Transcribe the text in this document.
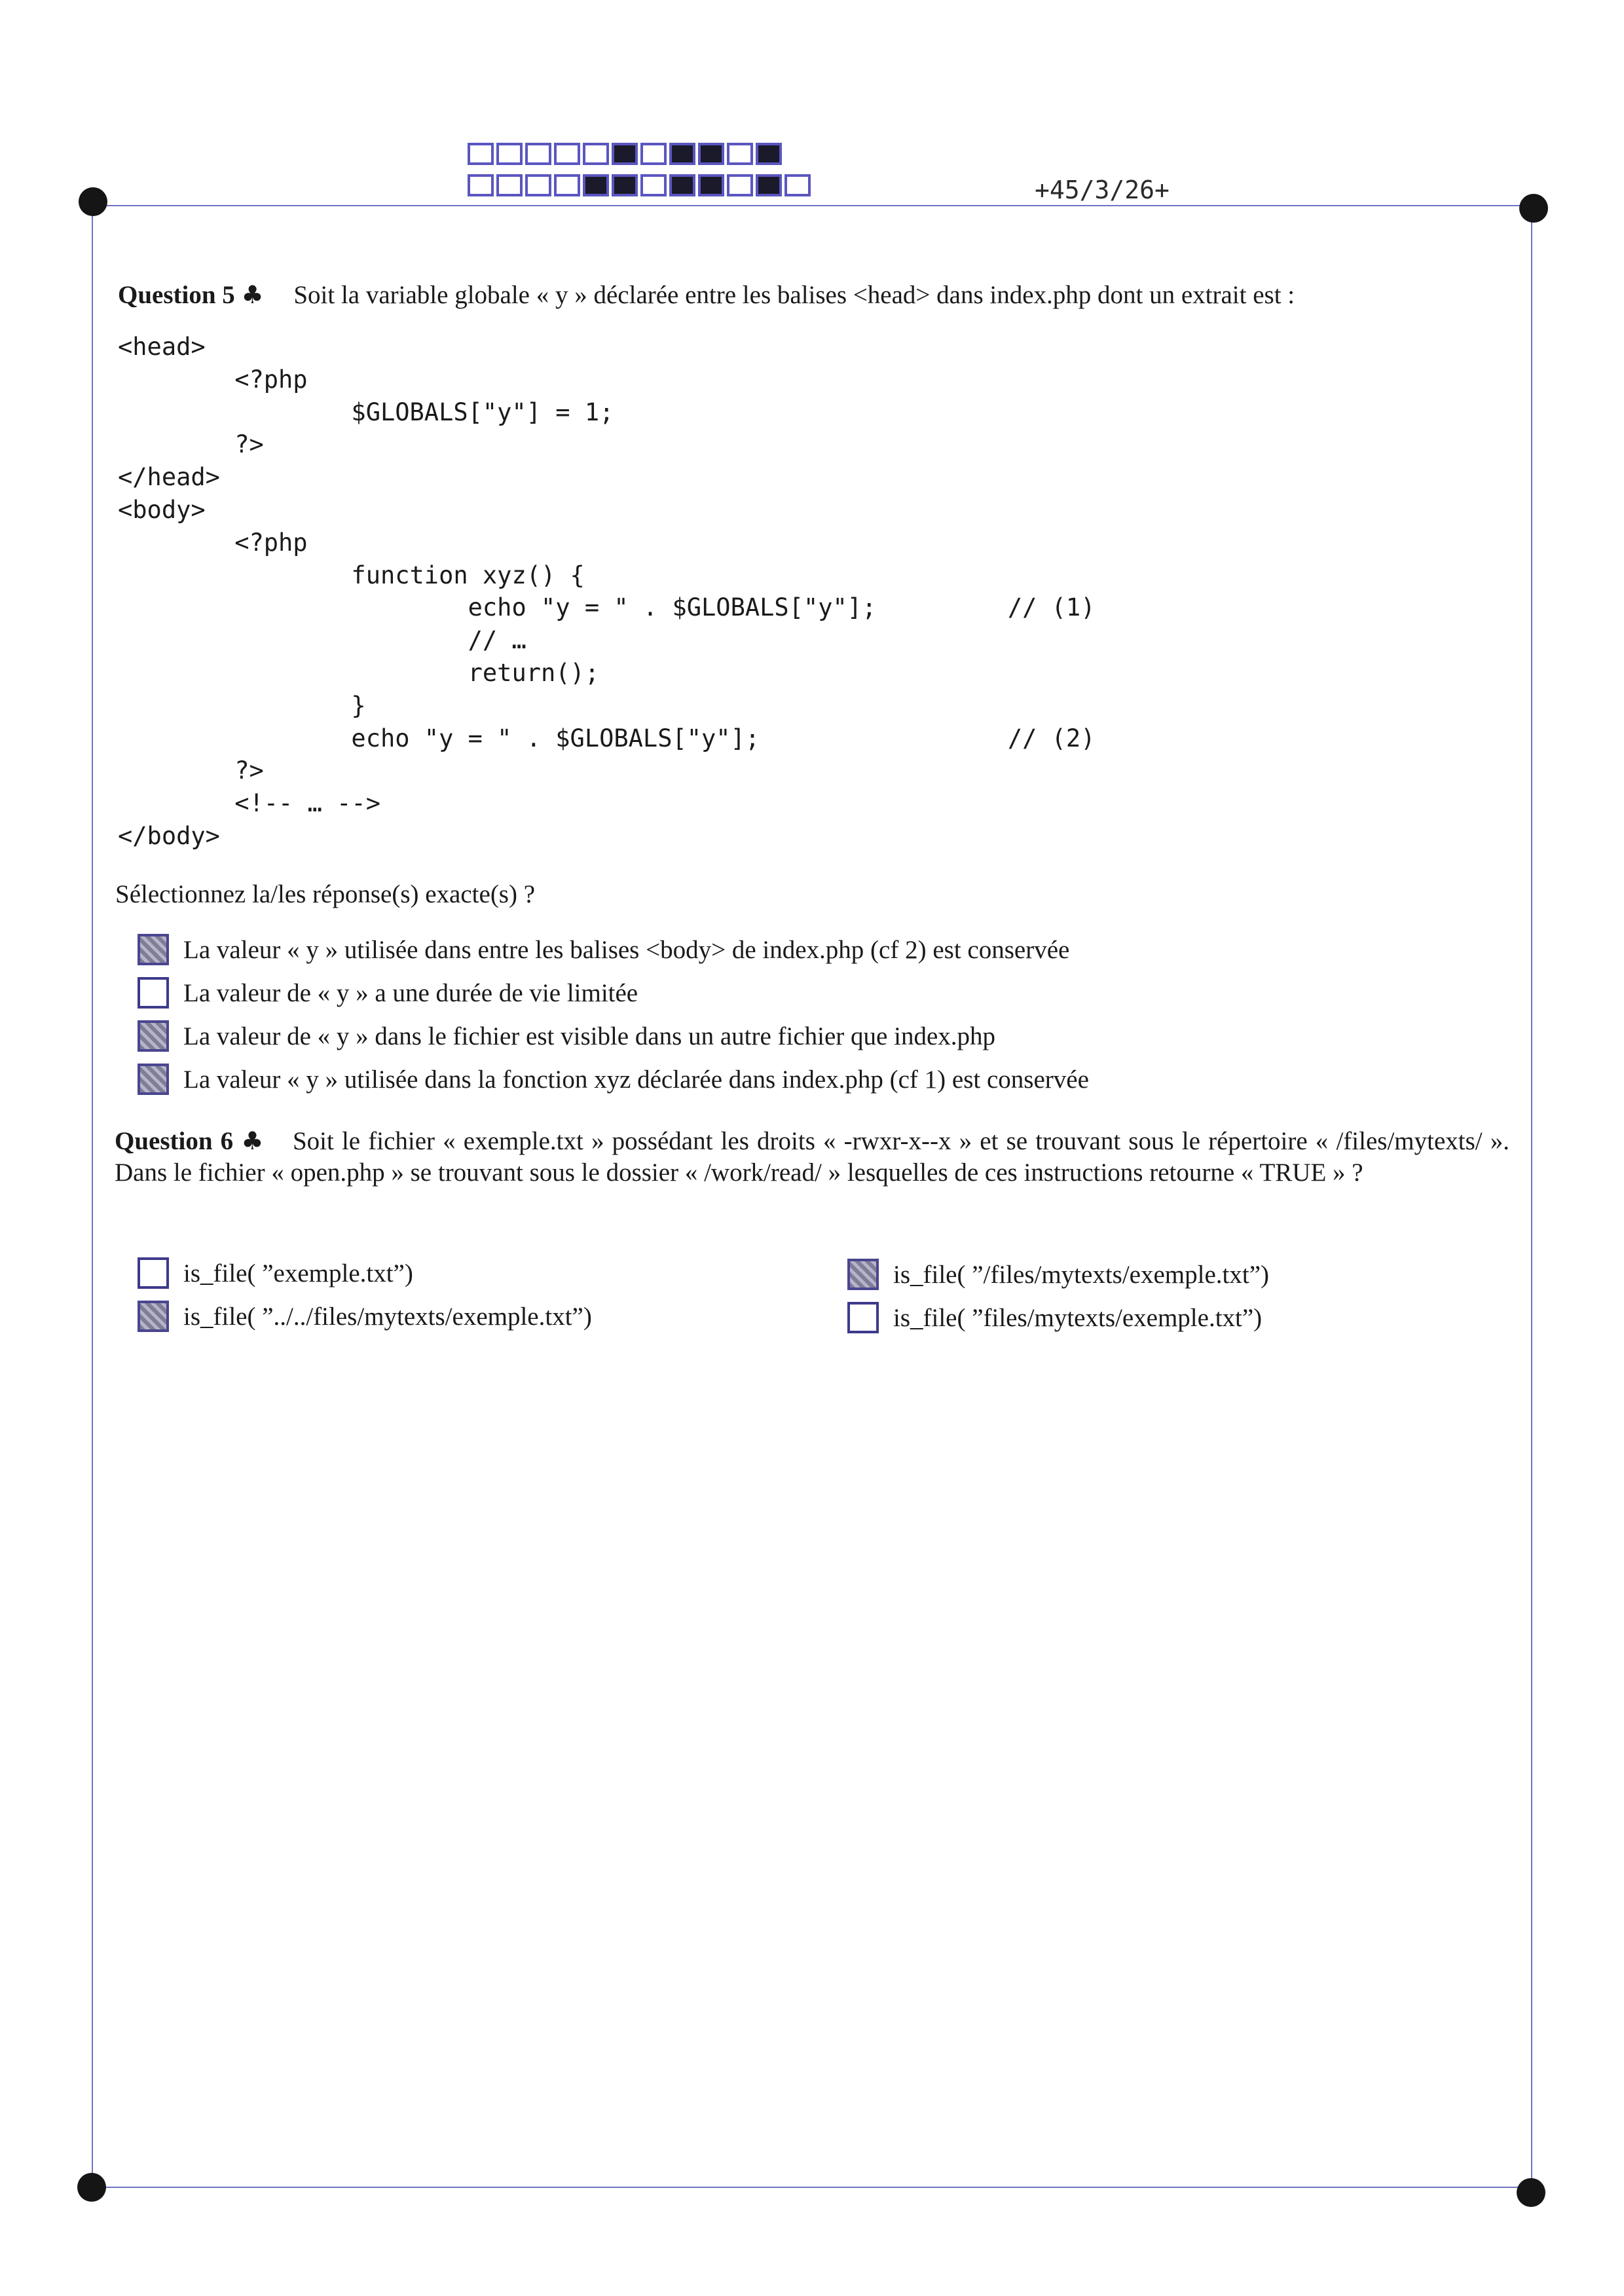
+45/3/26+
Question 5 ♣ Soit la variable globale « y » déclarée entre les balises <head> dans index.php dont un extrait est :
<head>
<?php
$GLOBALS["y"] = 1;
?>
</head>
<body>
<?php
function xyz() {
echo "y = " . $GLOBALS["y"];         // (1)
// …
return();
}
echo "y = " . $GLOBALS["y"];                 // (2)
?>
<!-- … -->
</body>
Sélectionnez la/les réponse(s) exacte(s) ?
La valeur « y » utilisée dans entre les balises <body> de index.php (cf 2) est conservée
La valeur de « y » a une durée de vie limitée
La valeur de « y » dans le fichier est visible dans un autre fichier que index.php
La valeur « y » utilisée dans la fonction xyz déclarée dans index.php (cf 1) est conservée
Question 6 ♣ Soit le fichier « exemple.txt » possédant les droits « -rwxr-x--x » et se trouvant sous le répertoire « /files/mytexts/ ». Dans le fichier « open.php » se trouvant sous le dossier « /work/read/ » lesquelles de ces instructions retourne « TRUE » ?
is_file( ”exemple.txt”)
is_file( ”../../files/mytexts/exemple.txt”)
is_file( ”/files/mytexts/exemple.txt”)
is_file( ”files/mytexts/exemple.txt”)
